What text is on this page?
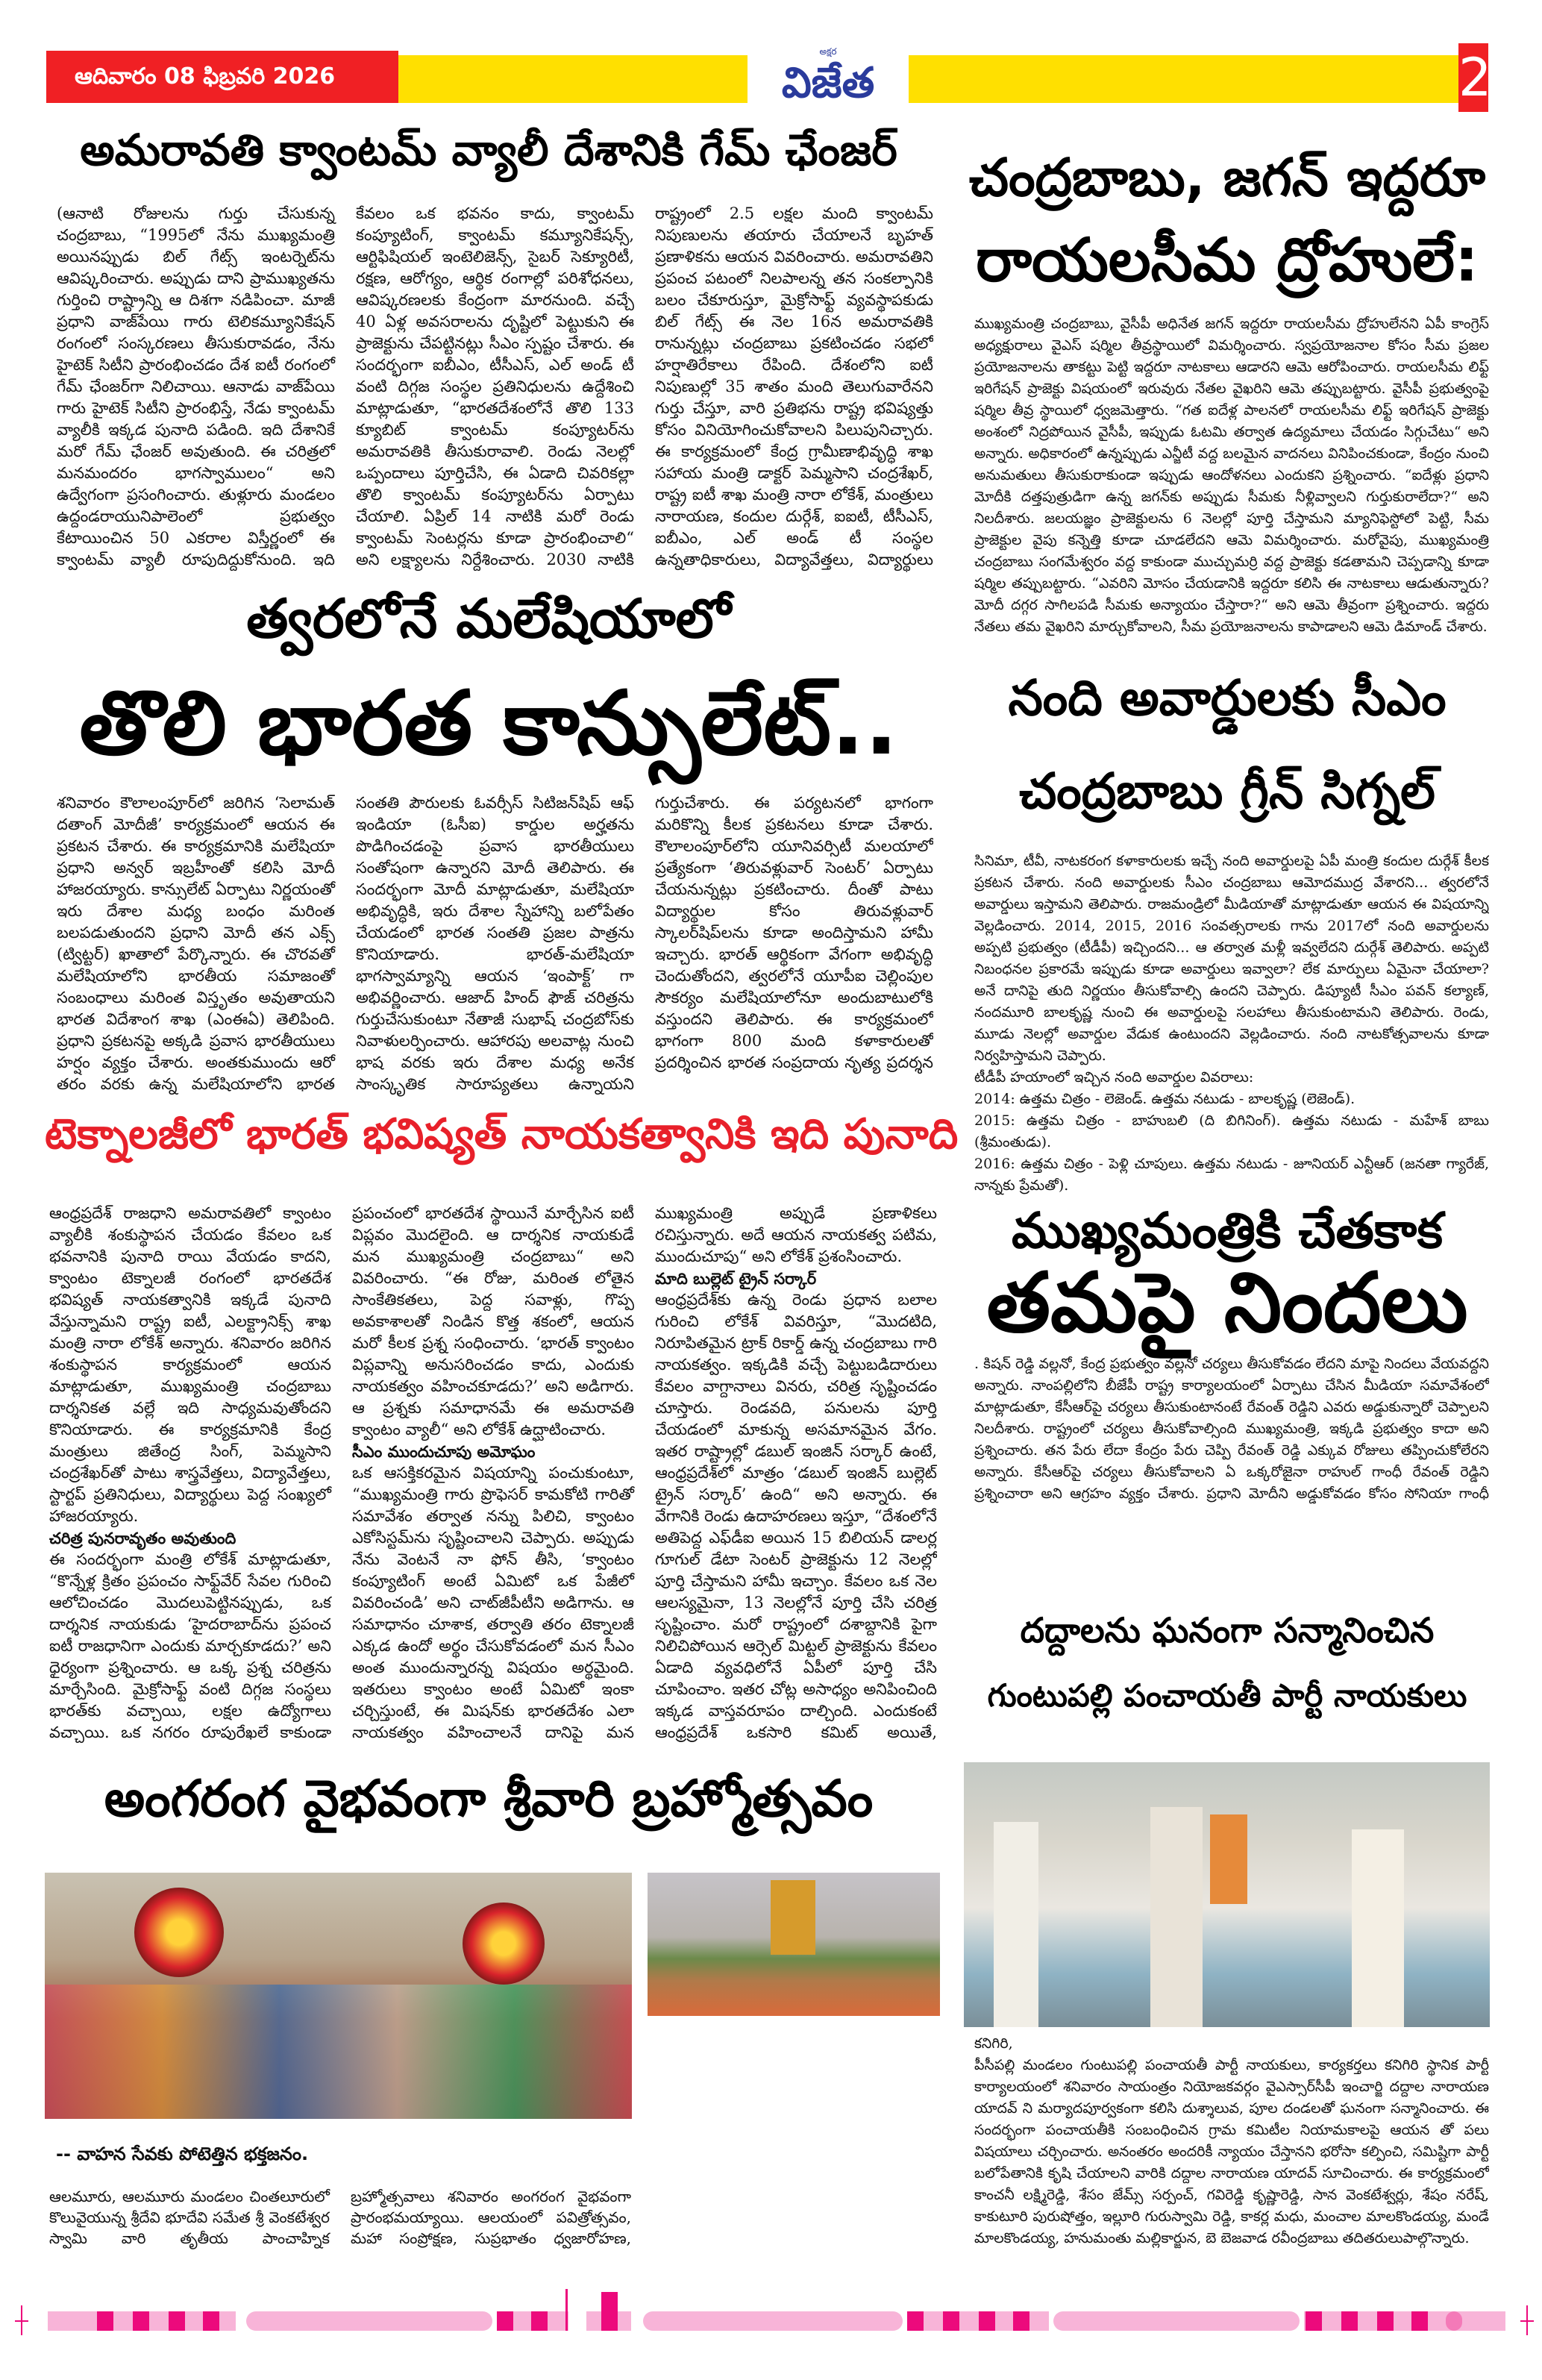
ఆదివారం 08 ఫిబ్రవరి 2026
అక్షర
విజేత	2
అమరావతి క్వాంటమ్ వ్యాలీ దేశానికి గేమ్ ఛేంజర్

(ఆనాటి రోజులను గుర్తు చేసుకున్న చంద్రబాబు, “1995లో నేను ముఖ్యమంత్రి అయినప్పుడు బిల్ గేట్స్ ఇంటర్నెట్‌ను ఆవిష్కరించారు. అప్పుడు దాని ప్రాముఖ్యతను గుర్తించి రాష్ట్రాన్ని ఆ దిశగా నడిపించా. మాజీ ప్రధాని వాజ్‌పేయి గారు టెలికమ్యూనికేషన్ రంగంలో సంస్కరణలు తీసుకురావడం, నేను హైటెక్ సిటీని ప్రారంభించడం దేశ ఐటీ రంగంలో గేమ్ ఛేంజర్‌గా నిలిచాయి. ఆనాడు వాజ్‌పేయి గారు హైటెక్ సిటీని ప్రారంభిస్తే, నేడు క్వాంటమ్ వ్యాలీకి ఇక్కడ పునాది పడింది. ఇది దేశానికే మరో గేమ్ ఛేంజర్ అవుతుంది. ఈ చరిత్రలో మనమందరం భాగస్వాములం“ అని ఉద్వేగంగా ప్రసంగించారు. తుళ్లూరు మండలం ఉద్దండరాయునిపాలెంలో ప్రభుత్వం కేటాయించిన 50 ఎకరాల విస్తీర్ణంలో ఈ క్వాంటమ్ వ్యాలీ రూపుదిద్దుకోనుంది. ఇది కేవలం ఒక భవనం కాదు, క్వాంటమ్ కంప్యూటింగ్, క్వాంటమ్ కమ్యూనికేషన్స్, ఆర్టిఫిషియల్ ఇంటెలిజెన్స్, సైబర్ సెక్యూరిటీ, రక్షణ, ఆరోగ్యం, ఆర్థిక రంగాల్లో పరిశోధనలు, ఆవిష్కరణలకు కేంద్రంగా మారనుంది. వచ్చే 40 ఏళ్ల అవసరాలను దృష్టిలో పెట్టుకుని ఈ ప్రాజెక్టును చేపట్టినట్లు సీఎం స్పష్టం చేశారు. ఈ సందర్భంగా ఐబీఎం, టీసీఎస్, ఎల్ అండ్ టీ వంటి దిగ్గజ సంస్థల ప్రతినిధులను ఉద్దేశించి మాట్లాడుతూ, “భారతదేశంలోనే తొలి 133 క్యూబిట్ క్వాంటమ్ కంప్యూటర్‌ను అమరావతికి తీసుకురావాలి. రెండు నెలల్లో ఒప్పందాలు పూర్తిచేసి, ఈ ఏడాది చివరికల్లా తొలి క్వాంటమ్ కంప్యూటర్‌ను ఏర్పాటు చేయాలి. ఏప్రిల్ 14 నాటికి మరో రెండు క్వాంటమ్ సెంటర్లను కూడా ప్రారంభించాలి“ అని లక్ష్యాలను నిర్దేశించారు. 2030 నాటికి రాష్ట్రంలో 2.5 లక్షల మంది క్వాంటమ్ నిపుణులను తయారు చేయాలనే బృహత్ ప్రణాళికను ఆయన వివరించారు. అమరావతిని ప్రపంచ పటంలో నిలపాలన్న తన సంకల్పానికి బలం చేకూరుస్తూ, మైక్రోసాఫ్ట్ వ్యవస్థాపకుడు బిల్ గేట్స్ ఈ నెల 16న అమరావతికి రానున్నట్లు చంద్రబాబు ప్రకటించడం సభలో హర్షాతిరేకాలు రేపింది. దేశంలోని ఐటీ నిపుణుల్లో 35 శాతం మంది తెలుగువారేనని గుర్తు చేస్తూ, వారి ప్రతిభను రాష్ట్ర భవిష్యత్తు కోసం వినియోగించుకోవాలని పిలుపునిచ్చారు. ఈ కార్యక్రమంలో కేంద్ర గ్రామీణాభివృద్ధి శాఖ సహాయ మంత్రి డాక్టర్ పెమ్మసాని చంద్రశేఖర్, రాష్ట్ర ఐటీ శాఖ మంత్రి నారా లోకేశ్, మంత్రులు నారాయణ, కందుల దుర్గేశ్, ఐఐటీ, టీసీఎస్, ఐబీఎం, ఎల్ అండ్ టీ సంస్థల ఉన్నతాధికారులు, విద్యావేత్తలు, విద్యార్థులు

త్వరలోనే మలేషియాలో
తొలి భారత కాన్సులేట్..

శనివారం కౌలాలంపూర్‌లో జరిగిన ‘సెలామత్ దతాంగ్ మోదీజీ’ కార్యక్రమంలో ఆయన ఈ ప్రకటన చేశారు. ఈ కార్యక్రమానికి మలేషియా ప్రధాని అన్వర్ ఇబ్రహీంతో కలిసి మోదీ హాజరయ్యారు. కాన్సులేట్ ఏర్పాటు నిర్ణయంతో ఇరు దేశాల మధ్య బంధం మరింత బలపడుతుందని ప్రధాని మోదీ తన ఎక్స్ (ట్విట్టర్) ఖాతాలో పేర్కొన్నారు. ఈ చొరవతో మలేషియాలోని భారతీయ సమాజంతో సంబంధాలు మరింత విస్తృతం అవుతాయని భారత విదేశాంగ శాఖ (ఎంఈఏ) తెలిపింది. ప్రధాని ప్రకటనపై అక్కడి ప్రవాస భారతీయులు హర్షం వ్యక్తం చేశారు. అంతకుముందు ఆరో తరం వరకు ఉన్న మలేషియాలోని భారత సంతతి పౌరులకు ఓవర్సీస్ సిటిజన్‌షిప్ ఆఫ్ ఇండియా (ఓసీఐ) కార్డుల అర్హతను పొడిగించడంపై ప్రవాస భారతీయులు సంతోషంగా ఉన్నారని మోదీ తెలిపారు. ఈ సందర్భంగా మోదీ మాట్లాడుతూ, మలేషియా అభివృద్ధికి, ఇరు దేశాల స్నేహాన్ని బలోపేతం చేయడంలో భారత సంతతి ప్రజల పాత్రను కొనియాడారు. భారత్-మలేషియా భాగస్వామ్యాన్ని ఆయన ‘ఇంపాక్ట్’ గా అభివర్ణించారు. ఆజాద్ హింద్ ఫౌజ్ చరిత్రను గుర్తుచేసుకుంటూ నేతాజీ సుభాష్ చంద్రబోస్‌కు నివాళులర్పించారు. ఆహారపు అలవాట్ల నుంచి భాష వరకు ఇరు దేశాల మధ్య అనేక సాంస్కృతిక సారూప్యతలు ఉన్నాయని గుర్తుచేశారు. ఈ పర్యటనలో భాగంగా మరికొన్ని కీలక ప్రకటనలు కూడా చేశారు. కౌలాలంపూర్‌లోని యూనివర్సిటీ మలయాలో ప్రత్యేకంగా ‘తిరువళ్లువార్ సెంటర్’ ఏర్పాటు చేయనున్నట్లు ప్రకటించారు. దీంతో పాటు విద్యార్థుల కోసం తిరువళ్లువార్ స్కాలర్‌షిప్‌లను కూడా అందిస్తామని హామీ ఇచ్చారు. భారత్ ఆర్థికంగా వేగంగా అభివృద్ధి చెందుతోందని, త్వరలోనే యూపీఐ చెల్లింపుల సౌకర్యం మలేషియాలోనూ అందుబాటులోకి వస్తుందని తెలిపారు. ఈ కార్యక్రమంలో భాగంగా 800 మంది కళాకారులతో ప్రదర్శించిన భారత సంప్రదాయ నృత్య ప్రదర్శన

టెక్నాలజీలో భారత్ భవిష్యత్ నాయకత్వానికి ఇది పునాది

ఆంధ్రప్రదేశ్ రాజధాని అమరావతిలో క్వాంటం వ్యాలీకి శంకుస్థాపన చేయడం కేవలం ఒక భవనానికి పునాది రాయి వేయడం కాదని, క్వాంటం టెక్నాలజీ రంగంలో భారతదేశ భవిష్యత్ నాయకత్వానికి ఇక్కడే పునాది వేస్తున్నామని రాష్ట్ర ఐటీ, ఎలక్ట్రానిక్స్ శాఖ మంత్రి నారా లోకేశ్ అన్నారు. శనివారం జరిగిన శంకుస్థాపన కార్యక్రమంలో ఆయన మాట్లాడుతూ, ముఖ్యమంత్రి చంద్రబాబు దార్శనికత వల్లే ఇది సాధ్యమవుతోందని కొనియాడారు. ఈ కార్యక్రమానికి కేంద్ర మంత్రులు జితేంద్ర సింగ్, పెమ్మసాని చంద్రశేఖర్‌తో పాటు శాస్త్రవేత్తలు, విద్యావేత్తలు, స్టార్టప్ ప్రతినిధులు, విద్యార్థులు పెద్ద సంఖ్యలో హాజరయ్యారు.

చరిత్ర పునరావృతం అవుతుంది

ఈ సందర్భంగా మంత్రి లోకేశ్ మాట్లాడుతూ, “కొన్నేళ్ల క్రితం ప్రపంచం సాఫ్ట్‌వేర్ సేవల గురించి ఆలోచించడం మొదలుపెట్టినప్పుడు, ఒక దార్శనిక నాయకుడు ‘హైదరాబాద్‌ను ప్రపంచ ఐటీ రాజధానిగా ఎందుకు మార్చకూడదు?’ అని ధైర్యంగా ప్రశ్నించారు. ఆ ఒక్క ప్రశ్న చరిత్రను మార్చేసింది. మైక్రోసాఫ్ట్ వంటి దిగ్గజ సంస్థలు భారత్‌కు వచ్చాయి, లక్షల ఉద్యోగాలు వచ్చాయి. ఒక నగరం రూపురేఖలే కాకుండా ప్రపంచంలో భారతదేశ స్థాయినే మార్చేసిన ఐటీ విప్లవం మొదలైంది. ఆ దార్శనిక నాయకుడే మన ముఖ్యమంత్రి చంద్రబాబు“ అని వివరించారు. “ఈ రోజు, మరింత లోతైన సాంకేతికతలు, పెద్ద సవాళ్లు, గొప్ప అవకాశాలతో నిండిన కొత్త శకంలో, ఆయన మరో కీలక ప్రశ్న సంధించారు. ‘భారత్ క్వాంటం విప్లవాన్ని అనుసరించడం కాదు, ఎందుకు నాయకత్వం వహించకూడదు?’ అని అడిగారు. ఆ ప్రశ్నకు సమాధానమే ఈ అమరావతి క్వాంటం వ్యాలీ“ అని లోకేశ్ ఉద్ఘాటించారు.

సీఎం ముందుచూపు అమోఘం

ఒక ఆసక్తికరమైన విషయాన్ని పంచుకుంటూ, “ముఖ్యమంత్రి గారు ప్రొఫెసర్ కామకోటి గారితో సమావేశం తర్వాత నన్ను పిలిచి, క్వాంటం ఎకోసిస్టమ్‌ను సృష్టించాలని చెప్పారు. అప్పుడు నేను వెంటనే నా ఫోన్ తీసి, ‘క్వాంటం కంప్యూటింగ్ అంటే ఏమిటో ఒక పేజీలో వివరించండి’ అని చాట్‌జీపీటీని అడిగాను. ఆ సమాధానం చూశాక, తర్వాతి తరం టెక్నాలజీ ఎక్కడ ఉందో అర్థం చేసుకోవడంలో మన సీఎం అంత ముందున్నారన్న విషయం అర్థమైంది. ఇతరులు క్వాంటం అంటే ఏమిటో ఇంకా చర్చిస్తుంటే, ఈ మిషన్‌కు భారతదేశం ఎలా నాయకత్వం వహించాలనే దానిపై మన ముఖ్యమంత్రి అప్పుడే ప్రణాళికలు రచిస్తున్నారు. అదే ఆయన నాయకత్వ పటిమ, ముందుచూపు“ అని లోకేశ్ ప్రశంసించారు.

మాది బుల్లెట్ ట్రైన్ సర్కార్

ఆంధ్రప్రదేశ్‌కు ఉన్న రెండు ప్రధాన బలాల గురించి లోకేశ్ వివరిస్తూ, “మొదటిది, నిరూపితమైన ట్రాక్ రికార్డ్ ఉన్న చంద్రబాబు గారి నాయకత్వం. ఇక్కడికి వచ్చే పెట్టుబడిదారులు కేవలం వాగ్దానాలు వినరు, చరిత్ర సృష్టించడం చూస్తారు. రెండవది, పనులను పూర్తి చేయడంలో మాకున్న అసమానమైన వేగం. ఇతర రాష్ట్రాల్లో డబుల్ ఇంజిన్ సర్కార్ ఉంటే, ఆంధ్రప్రదేశ్‌లో మాత్రం ‘డబుల్ ఇంజిన్ బుల్లెట్ ట్రైన్ సర్కార్’ ఉంది“ అని అన్నారు. ఈ వేగానికి రెండు ఉదాహరణలు ఇస్తూ, “దేశంలోనే అతిపెద్ద ఎఫ్‌డీఐ అయిన 15 బిలియన్ డాలర్ల గూగుల్ డేటా సెంటర్ ప్రాజెక్టును 12 నెలల్లో పూర్తి చేస్తామని హామీ ఇచ్చాం. కేవలం ఒక నెల ఆలస్యమైనా, 13 నెలల్లోనే పూర్తి చేసి చరిత్ర సృష్టించాం. మరో రాష్ట్రంలో దశాబ్దానికి పైగా నిలిచిపోయిన ఆర్సెల్ మిట్టల్ ప్రాజెక్టును కేవలం ఏడాది వ్యవధిలోనే ఏపీలో పూర్తి చేసి చూపించాం. ఇతర చోట్ల అసాధ్యం అనిపించింది ఇక్కడ వాస్తవరూపం దాల్చింది. ఎందుకంటే ఆంధ్రప్రదేశ్ ఒకసారి కమిట్ అయితే,

అంగరంగ వైభవంగా శ్రీవారి బ్రహ్మోత్సవం
-- వాహన సేవకు పోటెత్తిన భక్తజనం.

ఆలమూరు, ఆలమూరు మండలం చింతలూరులో కొలువైయున్న శ్రీదేవి భూదేవి సమేత శ్రీ వెంకటేశ్వర స్వామి వారి తృతీయ పాంచాహ్నిక బ్రహ్మోత్సవాలు శనివారం అంగరంగ వైభవంగా ప్రారంభమయ్యాయి. ఆలయంలో పవిత్రోత్సవం, మహా సంప్రోక్షణ, సుప్రభాతం ధ్వజారోహణ,

చంద్రబాబు, జగన్ ఇద్దరూ
రాయలసీమ ద్రోహులే:

ముఖ్యమంత్రి చంద్రబాబు, వైసీపీ అధినేత జగన్ ఇద్దరూ రాయలసీమ ద్రోహులేనని ఏపీ కాంగ్రెస్ అధ్యక్షురాలు వైఎస్ షర్మిల తీవ్రస్థాయిలో విమర్శించారు. స్వప్రయోజనాల కోసం సీమ ప్రజల ప్రయోజనాలను తాకట్టు పెట్టి ఇద్దరూ నాటకాలు ఆడారని ఆమె ఆరోపించారు. రాయలసీమ లిఫ్ట్ ఇరిగేషన్ ప్రాజెక్టు విషయంలో ఇరువురు నేతల వైఖరిని ఆమె తప్పుబట్టారు. వైసీపీ ప్రభుత్వంపై షర్మిల తీవ్ర స్థాయిలో ధ్వజమెత్తారు. “గత ఐదేళ్ల పాలనలో రాయలసీమ లిఫ్ట్ ఇరిగేషన్ ప్రాజెక్టు అంశంలో నిద్రపోయిన వైసీపీ, ఇప్పుడు ఓటమి తర్వాత ఉద్యమాలు చేయడం సిగ్గుచేటు“ అని అన్నారు. అధికారంలో ఉన్నప్పుడు ఎన్జీటీ వద్ద బలమైన వాదనలు వినిపించకుండా, కేంద్రం నుంచి అనుమతులు తీసుకురాకుండా ఇప్పుడు ఆందోళనలు ఎందుకని ప్రశ్నించారు. “ఐదేళ్లు ప్రధాని మోదీకి దత్తపుత్రుడిగా ఉన్న జగన్‌కు అప్పుడు సీమకు నీళ్లివ్వాలని గుర్తుకురాలేదా?“ అని నిలదీశారు. జలయజ్ఞం ప్రాజెక్టులను 6 నెలల్లో పూర్తి చేస్తామని మ్యానిఫెస్టోలో పెట్టి, సీమ ప్రాజెక్టుల వైపు కన్నెత్తి కూడా చూడలేదని ఆమె విమర్శించారు. మరోవైపు, ముఖ్యమంత్రి చంద్రబాబు సంగమేశ్వరం వద్ద కాకుండా ముచ్చుమర్రి వద్ద ప్రాజెక్టు కడతామని చెప్పడాన్ని కూడా షర్మిల తప్పుబట్టారు. “ఎవరిని మోసం చేయడానికి ఇద్దరూ కలిసి ఈ నాటకాలు ఆడుతున్నారు? మోదీ దగ్గర సాగిలపడి సీమకు అన్యాయం చేస్తారా?“ అని ఆమె తీవ్రంగా ప్రశ్నించారు. ఇద్దరు నేతలు తమ వైఖరిని మార్చుకోవాలని, సీమ ప్రయోజనాలను కాపాడాలని ఆమె డిమాండ్ చేశారు.

నంది అవార్డులకు సీఎం
చంద్రబాబు గ్రీన్ సిగ్నల్

సినిమా, టీవీ, నాటకరంగ కళాకారులకు ఇచ్చే నంది అవార్డులపై ఏపీ మంత్రి కందుల దుర్గేశ్ కీలక ప్రకటన చేశారు. నంది అవార్డులకు సీఎం చంద్రబాబు ఆమోదముద్ర వేశారని... త్వరలోనే అవార్డులు ఇస్తామని తెలిపారు. రాజమండ్రిలో మీడియాతో మాట్లాడుతూ ఆయన ఈ విషయాన్ని వెల్లడించారు. 2014, 2015, 2016 సంవత్సరాలకు గాను 2017లో నంది అవార్డులను అప్పటి ప్రభుత్వం (టీడీపీ) ఇచ్చిందని... ఆ తర్వాత మళ్లీ ఇవ్వలేదని దుర్గేశ్ తెలిపారు. అప్పటి నిబంధనల ప్రకారమే ఇప్పుడు కూడా అవార్డులు ఇవ్వాలా? లేక మార్పులు ఏమైనా చేయాలా? అనే దానిపై తుది నిర్ణయం తీసుకోవాల్సి ఉందని చెప్పారు. డిప్యూటీ సీఎం పవన్ కల్యాణ్, నందమూరి బాలకృష్ణ నుంచి ఈ అవార్డులపై సలహాలు తీసుకుంటామని తెలిపారు. రెండు, మూడు నెలల్లో అవార్డుల వేడుక ఉంటుందని వెల్లడించారు. నంది నాటకోత్సవాలను కూడా నిర్వహిస్తామని చెప్పారు.

టీడీపీ హయాంలో ఇచ్చిన నంది అవార్డుల వివరాలు:

2014: ఉత్తమ చిత్రం - లెజెండ్. ఉత్తమ నటుడు - బాలకృష్ణ (లెజెండ్).

2015: ఉత్తమ చిత్రం - బాహుబలి (ది బిగినింగ్). ఉత్తమ నటుడు - మహేశ్ బాబు (శ్రీమంతుడు).

2016: ఉత్తమ చిత్రం - పెళ్లి చూపులు. ఉత్తమ నటుడు - జూనియర్ ఎన్టీఆర్ (జనతా గ్యారేజ్, నాన్నకు ప్రేమతో).

ముఖ్యమంత్రికి చేతకాక
తమపై నిందలు

. కిషన్ రెడ్డి వల్లనో, కేంద్ర ప్రభుత్వం వల్లనో చర్యలు తీసుకోవడం లేదని మాపై నిందలు వేయవద్దని అన్నారు. నాంపల్లిలోని బీజేపీ రాష్ట్ర కార్యాలయంలో ఏర్పాటు చేసిన మీడియా సమావేశంలో మాట్లాడుతూ, కేసీఆర్‌పై చర్యలు తీసుకుంటానంటే రేవంత్ రెడ్డిని ఎవరు అడ్డుకున్నారో చెప్పాలని నిలదీశారు. రాష్ట్రంలో చర్యలు తీసుకోవాల్సింది ముఖ్యమంత్రి, ఇక్కడి ప్రభుత్వం కాదా అని ప్రశ్నించారు. తన పేరు లేదా కేంద్రం పేరు చెప్పి రేవంత్ రెడ్డి ఎక్కువ రోజులు తప్పించుకోలేరని అన్నారు. కేసీఆర్‌పై చర్యలు తీసుకోవాలని ఏ ఒక్కరోజైనా రాహుల్ గాంధీ రేవంత్ రెడ్డిని ప్రశ్నించారా అని ఆగ్రహం వ్యక్తం చేశారు. ప్రధాని మోదీని అడ్డుకోవడం కోసం సోనియా గాంధీ

దద్దాలను ఘనంగా సన్మానించిన
గుంటుపల్లి పంచాయతీ పార్టీ నాయకులు

కనిగిరి,

పీసీపల్లి మండలం గుంటుపల్లి పంచాయతీ పార్టీ నాయకులు, కార్యకర్తలు కనిగిరి స్థానిక పార్టీ కార్యాలయంలో శనివారం సాయంత్రం నియోజకవర్గం వైఎస్సార్‌సీపీ ఇంచార్జి దద్దాల నారాయణ యాదవ్ ని మర్యాదపూర్వకంగా కలిసి దుశ్శాలువ, పూల దండలతో ఘనంగా సన్మానించారు. ఈ సందర్భంగా పంచాయతీకి సంబంధించిన గ్రామ కమిటీల నియామకాలపై ఆయన తో పలు విషయాలు చర్చించారు. అనంతరం అందరికీ న్యాయం చేస్తానని భరోసా కల్పించి, సమిష్టిగా పార్టీ బలోపేతానికి కృషి చేయాలని వారికి దద్దాల నారాయణ యాదవ్ సూచించారు. ఈ కార్యక్రమంలో కాంచనీ లక్ష్మిరెడ్డి, శేసం జేమ్స్ సర్పంచ్, గవిరెడ్డి కృష్ణారెడ్డి, సాన వెంకటేశ్వర్లు, శేషం నరేష్, కాకుటూరి పురుషోత్తం, ఇల్లూరి గురుస్వామి రెడ్డి, కాకర్ల మధు, మంచాల మాలకొండయ్య, మండే మాలకొండయ్య, హనుమంతు మల్లికార్జున, బె బెజవాడ రవీంద్రబాబు తదితరులుపాల్గొన్నారు.
